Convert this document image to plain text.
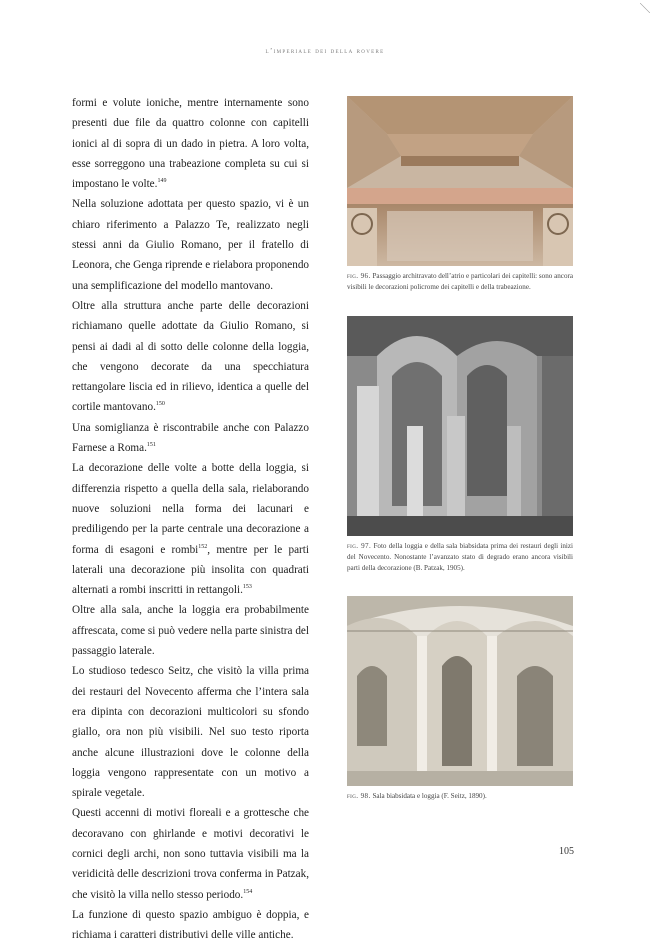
l’imperiale dei della rovere

formi e volute ioniche, mentre internamente sono presenti due file da quattro colonne con capitelli ionici al di sopra di un dado in pietra. A loro volta, esse sorreggono una trabeazione completa su cui si impostano le volte.$^{149}$

Nella soluzione adottata per questo spazio, vi è un chiaro riferimento a Palazzo Te, realizzato negli stessi anni da Giulio Romano, per il fratello di Leonora, che Genga riprende e rielabora proponendo una semplificazione del modello mantovano.

Oltre alla struttura anche parte delle decorazioni richiamano quelle adottate da Giulio Romano, si pensi ai dadi al di sotto delle colonne della loggia, che vengono decorate da una specchiatura rettangolare liscia ed in rilievo, identica a quelle del cortile mantovano.$^{150}$

Una somiglianza è riscontrabile anche con Palazzo Farnese a Roma.$^{151}$

La decorazione delle volte a botte della loggia, si differenzia rispetto a quella della sala, rielaborando nuove soluzioni nella forma dei lacunari e prediligendo per la parte centrale una decorazione a forma di esagoni e rombi$^{152}$, mentre per le parti laterali una decorazione più insolita con quadrati alternati a rombi inscritti in rettangoli.$^{153}$

Oltre alla sala, anche la loggia era probabilmente affrescata, come si può vedere nella parte sinistra del passaggio laterale.

Lo studioso tedesco Seitz, che visitò la villa prima dei restauri del Novecento afferma che l’intera sala era dipinta con decorazioni multicolori su sfondo giallo, ora non più visibili. Nel suo testo riporta anche alcune illustrazioni dove le colonne della loggia vengono rappresentate con un motivo a spirale vegetale.

Questi accenni di motivi floreali e a grottesche che decoravano con ghirlande e motivi decorativi le cornici degli archi, non sono tuttavia visibili ma la veridicità delle descrizioni trova conferma in Patzak, che visitò la villa nello stesso periodo.$^{154}$

La funzione di questo spazio ambiguo è doppia, e richiama i caratteri distributivi delle ville antiche.

fig. 96. Passaggio architravato dell’atrio e particolari dei capitelli: sono ancora visibili le decorazioni policrome dei capitelli e della trabeazione.
fig. 97. Foto della loggia e della sala biabsidata prima dei restauri degli inizi del Novecento. Nonostante l’avanzato stato di degrado erano ancora visibili parti della decorazione (B. Patzak, 1905).
fig. 98. Sala biabsidata e loggia (F. Seitz, 1890).
105
